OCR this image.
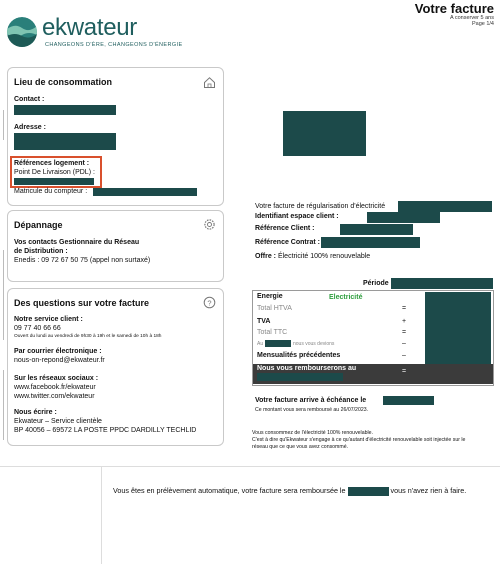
ekwateur
CHANGEONS D'ÈRE, CHANGEONS D'ÉNERGIE
Votre facture
A conserver 5 ans
Page 1/4
Lieu de consommation
Contact :
Adresse :
Références logement :
Point De Livraison (PDL) :
Matricule du compteur :
Dépannage
Vos contacts Gestionnaire du Réseau
de Distribution :
Enedis : 09 72 67 50 75 (appel non surtaxé)
Des questions sur votre facture	?
Notre service client :
09 77 40 66 66
Ouvert du lundi au vendredi de 9h30 à 19h et le samedi de 10h à 18h
Par courrier électronique :
nous-on-repond@ekwateur.fr
Sur les réseaux sociaux :
www.facebook.fr/ekwateur
www.twitter.com/ekwateur
Nous écrire :
Ekwateur – Service clientèle
BP 40056 – 69572 LA POSTE PPDC DARDILLY TECHLID
Votre facture de régularisation d'électricité
Identifiant espace client :
Référence Client :
Référence Contrat :
Offre : Électricité 100% renouvelable
Période
Energie	Electricité
Total HTVA	=
TVA	+
Total TTC	=
Au	nous vous devions	–
Mensualités précédentes	–
Nous vous rembourserons au	=
Votre facture arrive à échéance le
Ce montant vous sera remboursé au 26/07/2023.
Vous consommez de l'électricité 100% renouvelable.
C'est à dire qu'Ekwateur s'engage à ce qu'autant d'électricité renouvelable soit injectée sur le
réseau que ce que vous avez consommé.
Vous êtes en prélèvement automatique, votre facture sera remboursée le	vous n'avez rien à faire.
